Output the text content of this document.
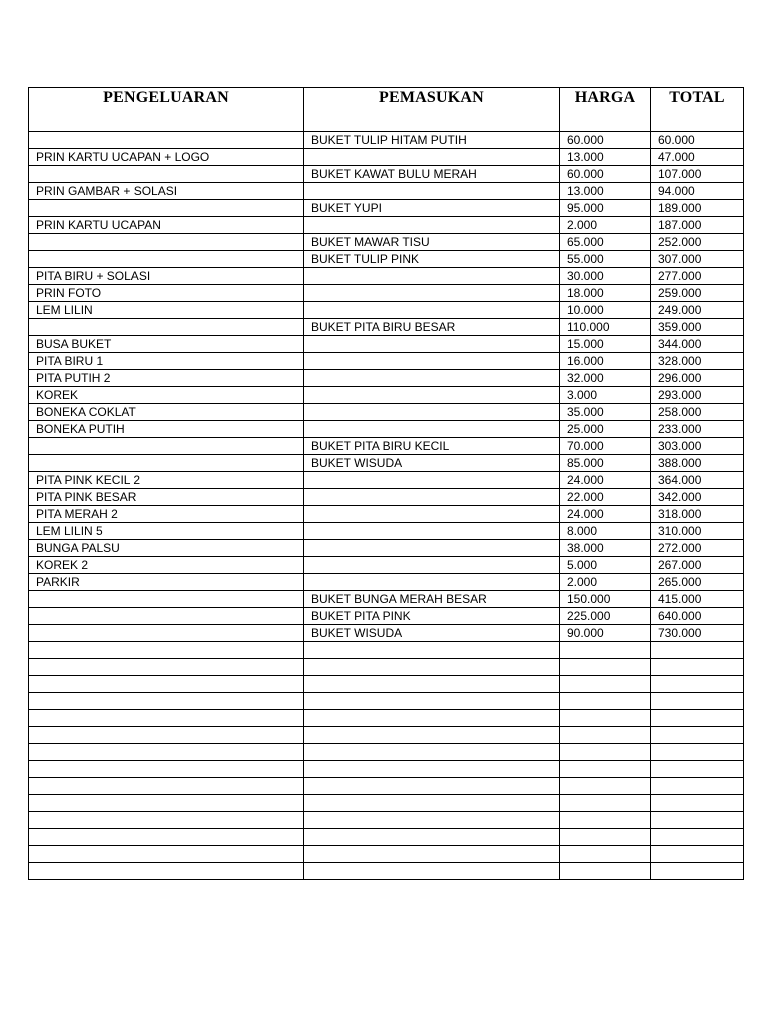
PENGELUARAN	PEMASUKAN	HARGA	TOTAL
	BUKET TULIP HITAM PUTIH	60.000	60.000
PRIN KARTU UCAPAN + LOGO		13.000	47.000
	BUKET KAWAT BULU MERAH	60.000	107.000
PRIN GAMBAR + SOLASI		13.000	94.000
	BUKET YUPI	95.000	189.000
PRIN KARTU UCAPAN		2.000	187.000
	BUKET MAWAR TISU	65.000	252.000
	BUKET TULIP PINK	55.000	307.000
PITA BIRU + SOLASI		30.000	277.000
PRIN FOTO		18.000	259.000
LEM LILIN		10.000	249.000
	BUKET PITA BIRU BESAR	110.000	359.000
BUSA BUKET		15.000	344.000
PITA BIRU 1		16.000	328.000
PITA PUTIH 2		32.000	296.000
KOREK		3.000	293.000
BONEKA COKLAT		35.000	258.000
BONEKA PUTIH		25.000	233.000
	BUKET PITA BIRU KECIL	70.000	303.000
	BUKET WISUDA	85.000	388.000
PITA PINK KECIL 2		24.000	364.000
PITA PINK BESAR		22.000	342.000
PITA MERAH 2		24.000	318.000
LEM LILIN 5		8.000	310.000
BUNGA PALSU		38.000	272.000
KOREK 2		5.000	267.000
PARKIR		2.000	265.000
	BUKET BUNGA MERAH BESAR	150.000	415.000
	BUKET PITA PINK	225.000	640.000
	BUKET WISUDA	90.000	730.000
